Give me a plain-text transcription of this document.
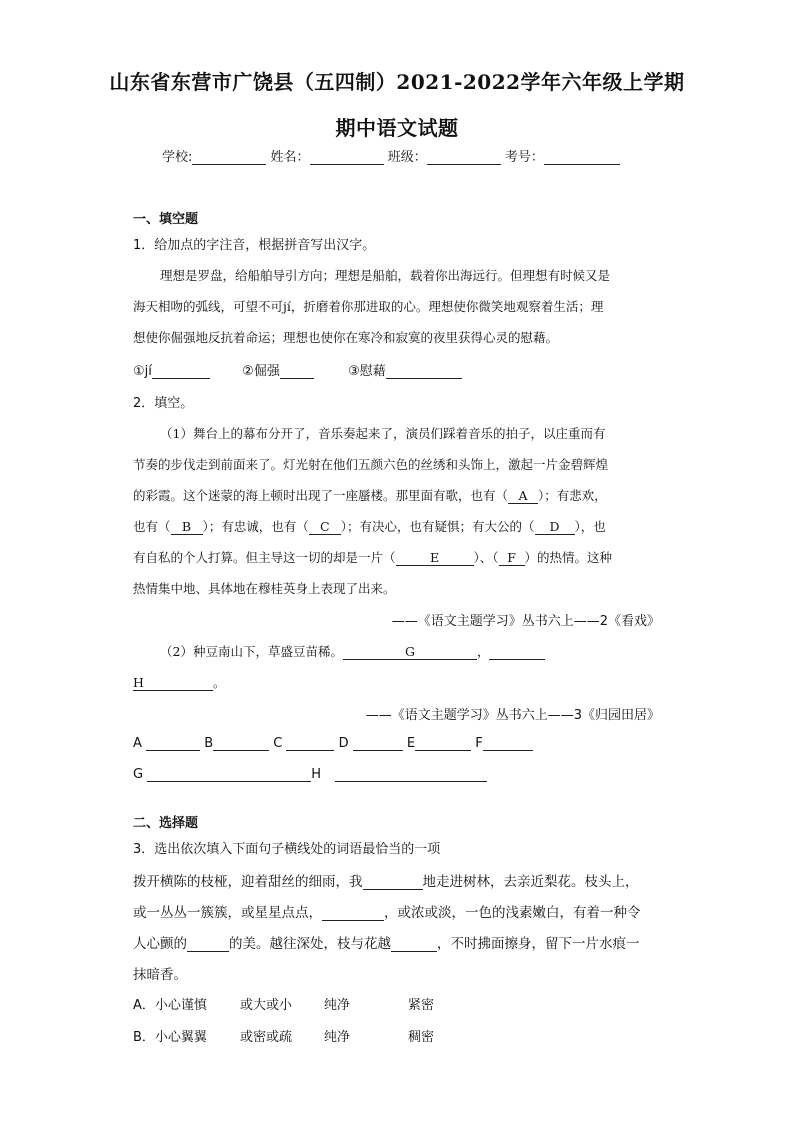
山东省东营市广饶县（五四制）2021-2022学年六年级上学期
期中语文试题
学校:	姓名：	班级：	考号：
一、填空题
1．给加点的字注音，根据拼音写出汉字。
理想是罗盘，给船舶导引方向；理想是船舶，载着你出海远行。但理想有时候又是
海天相吻的弧线，可望不可jí，折磨着你那进取的心。理想使你微笑地观察着生活；理
想使你倔强地反抗着命运；理想也使你在寒冷和寂寞的夜里获得心灵的慰藉。
①jí	②倔强	③慰藉
2．填空。
（1）舞台上的幕布分开了，音乐奏起来了，演员们踩着音乐的拍子，以庄重而有
节奏的步伐走到前面来了。灯光射在他们五颜六色的丝绣和头饰上，激起一片金碧辉煌
的彩霞。这个迷蒙的海上顿时出现了一座蜃楼。那里面有歌，也有（ A ）；有悲欢，
也有（ B ）；有忠诚，也有（ C ）；有决心，也有疑惧；有大公的（ D ），也
有自私的个人打算。但主导这一切的却是一片（	E	）、（ F ）的热情。这种
热情集中地、具体地在穆桂英身上表现了出来。
——《语文主题学习》丛书六上——2《看戏》
（2）种豆南山下，草盛豆苗稀。	G	，
H	。
——《语文主题学习》丛书六上——3《归园田居》
A	B	C	D	E	F
G	H
二、选择题
3．选出依次填入下面句子横线处的词语最恰当的一项
拨开横陈的枝桠，迎着甜丝的细雨，我	地走进树林，去亲近梨花。枝头上，
或一丛丛一簇簇，或星星点点，	，或浓或淡，一色的浅素嫩白，有着一种令
人心颤的	的美。越往深处，枝与花越	，不时拂面擦身，留下一片水痕一
抹暗香。
A．小心谨慎	或大或小 纯净	紧密
B．小心翼翼	或密或疏 纯净	稠密
